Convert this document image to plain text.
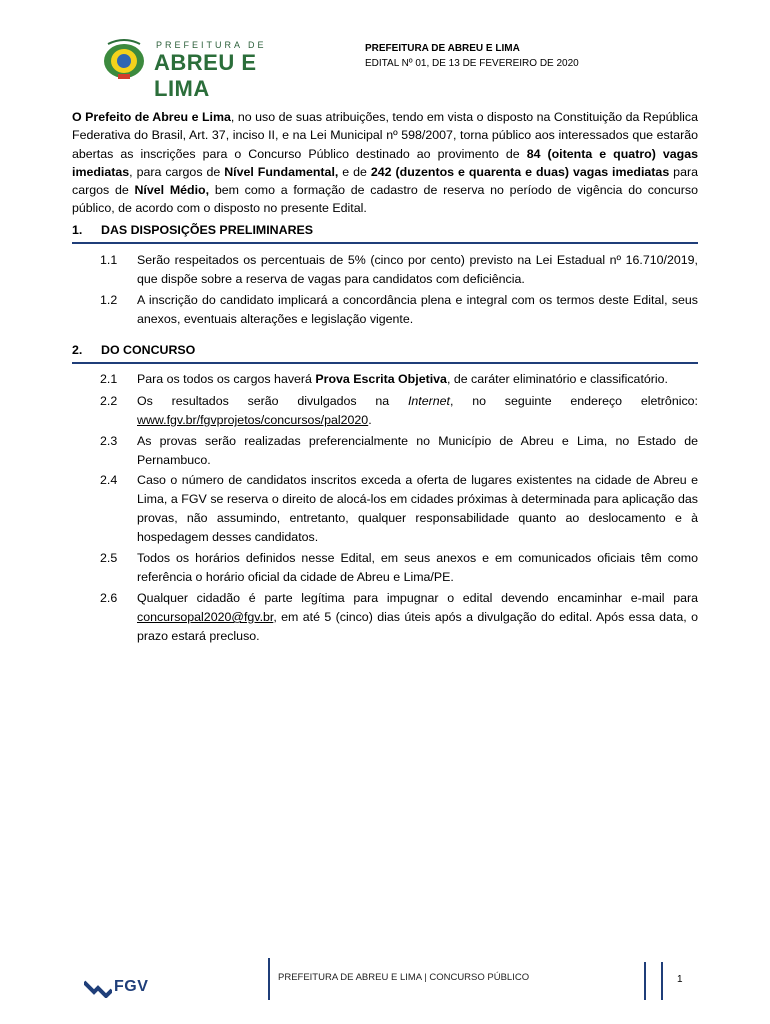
PREFEITURA DE
ABREU E LIMA
PREFEITURA DE ABREU E LIMA
EDITAL Nº 01, DE 13 DE FEVEREIRO DE 2020
O Prefeito de Abreu e Lima, no uso de suas atribuições, tendo em vista o disposto na Constituição da República Federativa do Brasil, Art. 37, inciso II, e na Lei Municipal nº 598/2007, torna público aos interessados que estarão abertas as inscrições para o Concurso Público destinado ao provimento de 84 (oitenta e quatro) vagas imediatas, para cargos de Nível Fundamental, e de 242 (duzentos e quarenta e duas) vagas imediatas para cargos de Nível Médio, bem como a formação de cadastro de reserva no período de vigência do concurso público, de acordo com o disposto no presente Edital.
1. DAS DISPOSIÇÕES PRELIMINARES
1.1	Serão respeitados os percentuais de 5% (cinco por cento) previsto na Lei Estadual nº 16.710/2019, que dispõe sobre a reserva de vagas para candidatos com deficiência.
1.2	A inscrição do candidato implicará a concordância plena e integral com os termos deste Edital, seus anexos, eventuais alterações e legislação vigente.
2. DO CONCURSO
2.1	Para os todos os cargos haverá Prova Escrita Objetiva, de caráter eliminatório e classificatório.
2.2	Os resultados serão divulgados na Internet, no seguinte endereço eletrônico: www.fgv.br/fgvprojetos/concursos/pal2020.
2.3	As provas serão realizadas preferencialmente no Município de Abreu e Lima, no Estado de Pernambuco.
2.4	Caso o número de candidatos inscritos exceda a oferta de lugares existentes na cidade de Abreu e Lima, a FGV se reserva o direito de alocá-los em cidades próximas à determinada para aplicação das provas, não assumindo, entretanto, qualquer responsabilidade quanto ao deslocamento e à hospedagem desses candidatos.
2.5	Todos os horários definidos nesse Edital, em seus anexos e em comunicados oficiais têm como referência o horário oficial da cidade de Abreu e Lima/PE.
2.6	Qualquer cidadão é parte legítima para impugnar o edital devendo encaminhar e-mail para concursopal2020@fgv.br, em até 5 (cinco) dias úteis após a divulgação do edital. Após essa data, o prazo estará precluso.
FGV
PREFEITURA DE ABREU E LIMA | CONCURSO PÚBLICO	1
